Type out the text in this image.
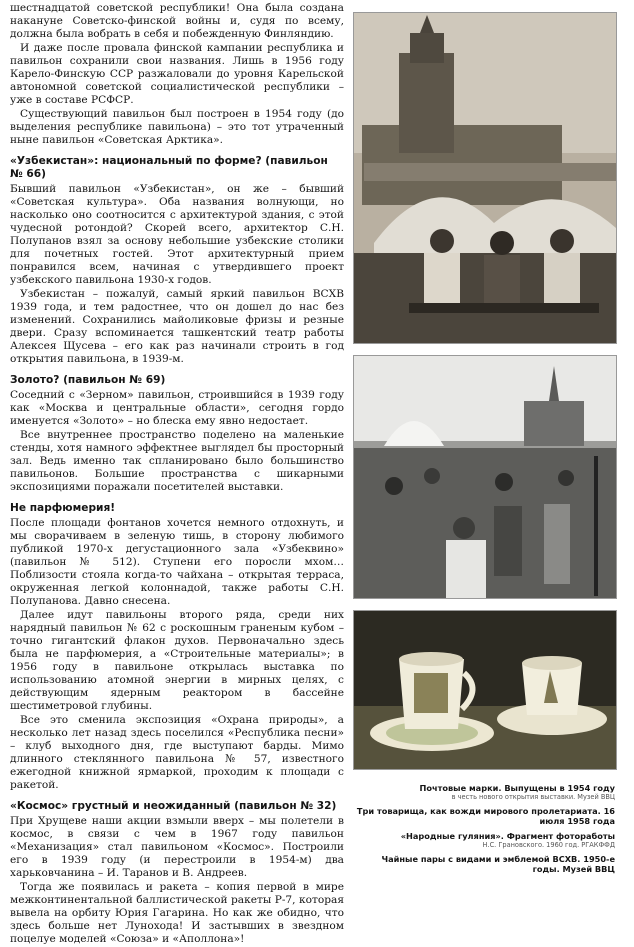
шестнадцатой советской республики! Она была создана накануне Советско-финской войны и, судя по всему, должна была вобрать в себя и побежденную Финляндию.

И даже после провала финской кампании республика и павильон сохранили свои названия. Лишь в 1956 году Карело-Финскую ССР разжаловали до уровня Карельской автономной советской социалистической республики – уже в составе РСФСР.

Существующий павильон был построен в 1954 году (до выделения республике павильона) – это тот утраченный ныне павильон «Советская Арктика».

«Узбекистан»: национальный по форме? (павильон № 66)

Бывший павильон «Узбекистан», он же – бывший «Советская культура». Оба названия волнующи, но насколько оно соотносится с архитектурой здания, с этой чудесной ротондой? Скорей всего, архитектор С.Н. Полупанов взял за основу небольшие узбекские столики для почетных гостей. Этот архитектурный прием понравился всем, начиная с утвердившего проект узбекского павильона 1930-х годов.

Узбекистан – пожалуй, самый яркий павильон ВСХВ 1939 года, и тем радостнее, что он дошел до нас без изменений. Сохранились майоликовые фризы и резные двери. Сразу вспоминается ташкентский театр работы Алексея Щусева – его как раз начинали строить в год открытия павильона, в 1939-м.

Золото? (павильон № 69)

Соседний с «Зерном» павильон, строившийся в 1939 году как «Москва и центральные области», сегодня гордо именуется «Золото» – но блеска ему явно недостает.

Все внутреннее пространство поделено на маленькие стенды, хотя намного эффектнее выглядел бы просторный зал. Ведь именно так спланировано было большинство павильонов. Большие пространства с шикарными экспозициями поражали посетителей выставки.

Не парфюмерия!

После площади фонтанов хочется немного отдохнуть, и мы сворачиваем в зеленую тишь, в сторону любимого публикой 1970-х дегустационного зала «Узбеквино» (павильон № 512). Ступени его поросли мхом… Поблизости стояла когда-то чайхана – открытая терраса, окруженная легкой колоннадой, также работы С.Н. Полупанова. Давно снесена.

Далее идут павильоны второго ряда, среди них нарядный павильон № 62 с роскошным граненым кубом – точно гигантский флакон духов. Первоначально здесь была не парфюмерия, а «Строительные материалы»; в 1956 году в павильоне открылась выставка по использованию атомной энергии в мирных целях, с действующим ядерным реактором в бассейне шестиметровой глубины.

Все это сменила экспозиция «Охрана природы», а несколько лет назад здесь поселился «Республика песни» – клуб выходного дня, где выступают барды. Мимо длинного стеклянного павильона № 57, известного ежегодной книжной ярмаркой, проходим к площади с ракетой.

«Космос» грустный и неожиданный (павильон № 32)

При Хрущеве наши акции взмыли вверх – мы полетели в космос, в связи с чем в 1967 году павильон «Механизация» стал павильоном «Космос». Построили его в 1939 году (и перестроили в 1954-м) два харьковчанина – И. Таранов и В. Андреев.

Тогда же появилась и ракета – копия первой в мире межконтинентальной баллистической ракеты Р-7, которая вывела на орбиту Юрия Гагарина. Но как же обидно, что здесь больше нет Лунохода! И застывших в звездном поцелуе моделей «Союза» и «Аполлона»!

Почтовые марки. Выпущены в 1954 году
в честь нового открытия выставки. Музей ВВЦ
Три товарища, как вожди мирового пролетариата. 16 июля 1958 года
«Народные гуляния». Фрагмент фотоработы
Н.С. Грановского. 1960 год. РГАКФФД
Чайные пары с видами и эмблемой ВСХВ. 1950-е годы. Музей ВВЦ
